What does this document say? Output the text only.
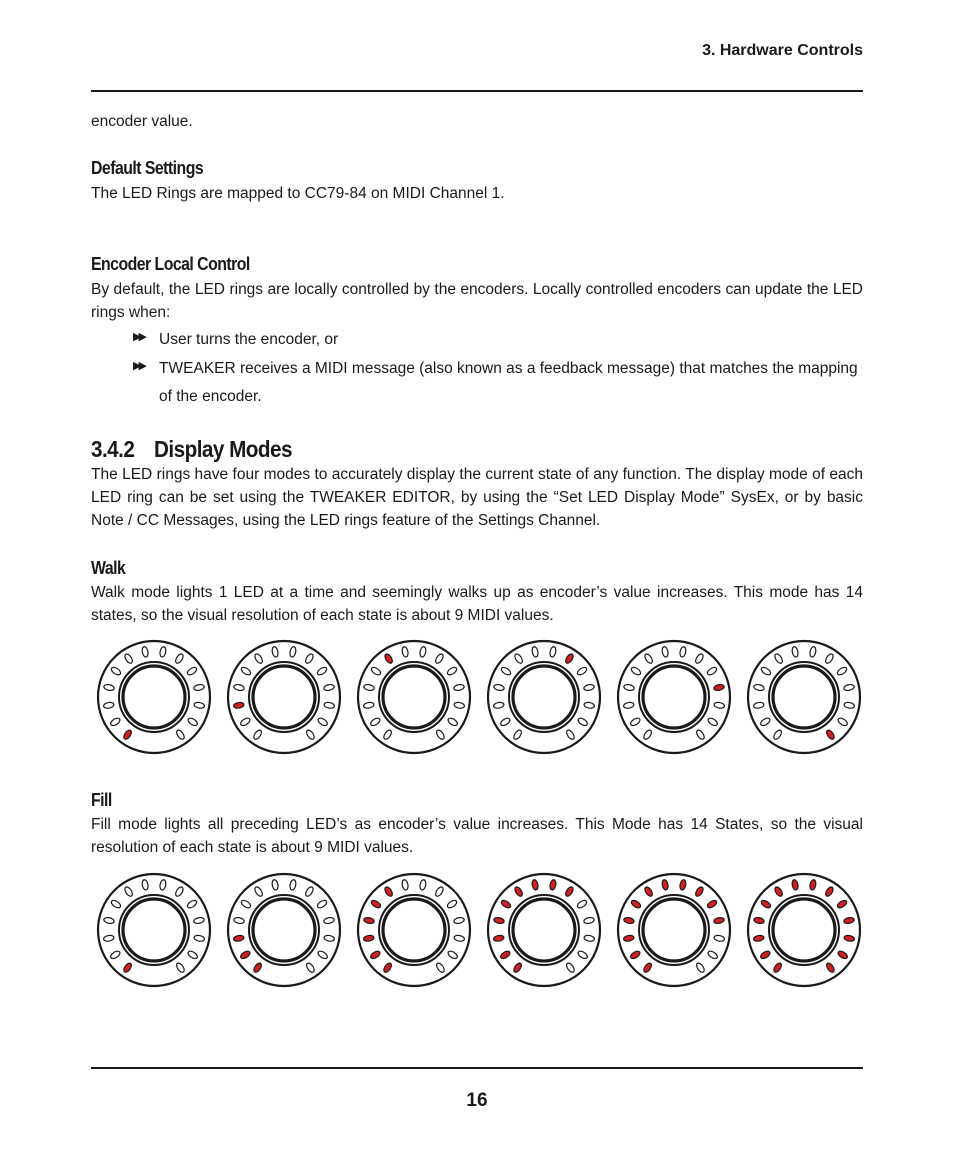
3. Hardware Controls
encoder value.
Default Settings
The LED Rings are mapped to CC79-84 on MIDI Channel 1.
Encoder Local Control
By default, the LED rings are locally controlled by the encoders. Locally controlled encoders can update the LED rings when:
▶▶ User turns the encoder, or
▶▶ TWEAKER receives a MIDI message (also known as a feedback message) that matches the mapping of the encoder.
3.4.2 Display Modes
The LED rings have four modes to accurately display the current state of any function. The display mode of each LED ring can be set using the TWEAKER EDITOR, by using the “Set LED Display Mode” SysEx, or by basic Note / CC Messages, using the LED rings feature of the Settings Channel.
Walk
Walk mode lights 1 LED at a time and seemingly walks up as encoder’s value increases. This mode has 14 states, so the visual resolution of each state is about 9 MIDI values.
Fill
Fill mode lights all preceding LED’s as encoder’s value increases. This Mode has 14 States, so the visual resolution of each state is about 9 MIDI values.
16
